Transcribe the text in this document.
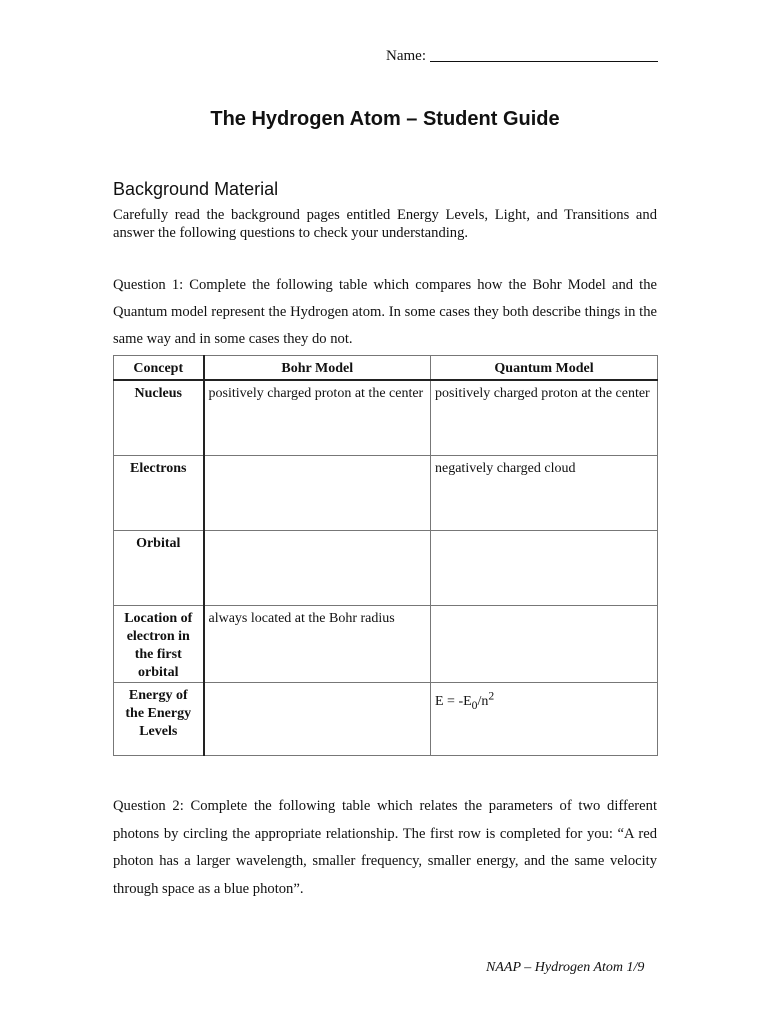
Name:
The Hydrogen Atom – Student Guide
Background Material
Carefully read the background pages entitled Energy Levels, Light, and Transitions and answer the following questions to check your understanding.
Question 1: Complete the following table which compares how the Bohr Model and the Quantum model represent the Hydrogen atom. In some cases they both describe things in the same way and in some cases they do not.
Concept	Bohr Model	Quantum Model
Nucleus	positively charged proton at the center	positively charged proton at the center
Electrons		negatively charged cloud
Orbital		
Location of electron in the first orbital	always located at the Bohr radius	
Energy of the Energy Levels		$E = -E_0/n^2$
Question 2: Complete the following table which relates the parameters of two different photons by circling the appropriate relationship. The first row is completed for you: “A red photon has a larger wavelength, smaller frequency, smaller energy, and the same velocity through space as a blue photon”.
NAAP – Hydrogen Atom 1/9
